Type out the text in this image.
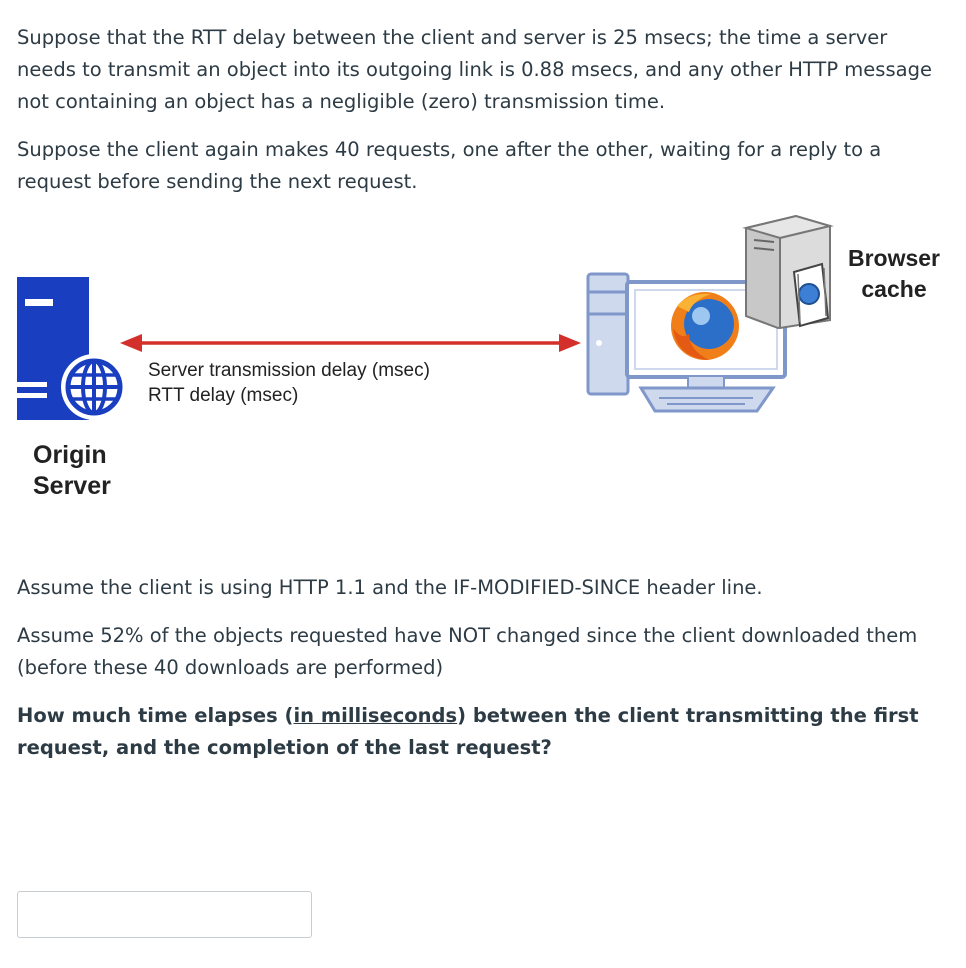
Suppose that the RTT delay between the client and server is 25 msecs; the time a server needs to transmit an object into its outgoing link is 0.88 msecs, and any other HTTP message not containing an object has a negligible (zero) transmission time.

Suppose the client again makes 40 requests, one after the other, waiting for a reply to a request before sending the next request.

Server transmission delay (msec)
RTT delay (msec)
Origin
Server
Browser
cache

Assume the client is using HTTP 1.1 and the IF-MODIFIED-SINCE header line.

Assume 52% of the objects requested have NOT changed since the client downloaded them (before these 40 downloads are performed)

How much time elapses (in milliseconds) between the client transmitting the first request, and the completion of the last request?
